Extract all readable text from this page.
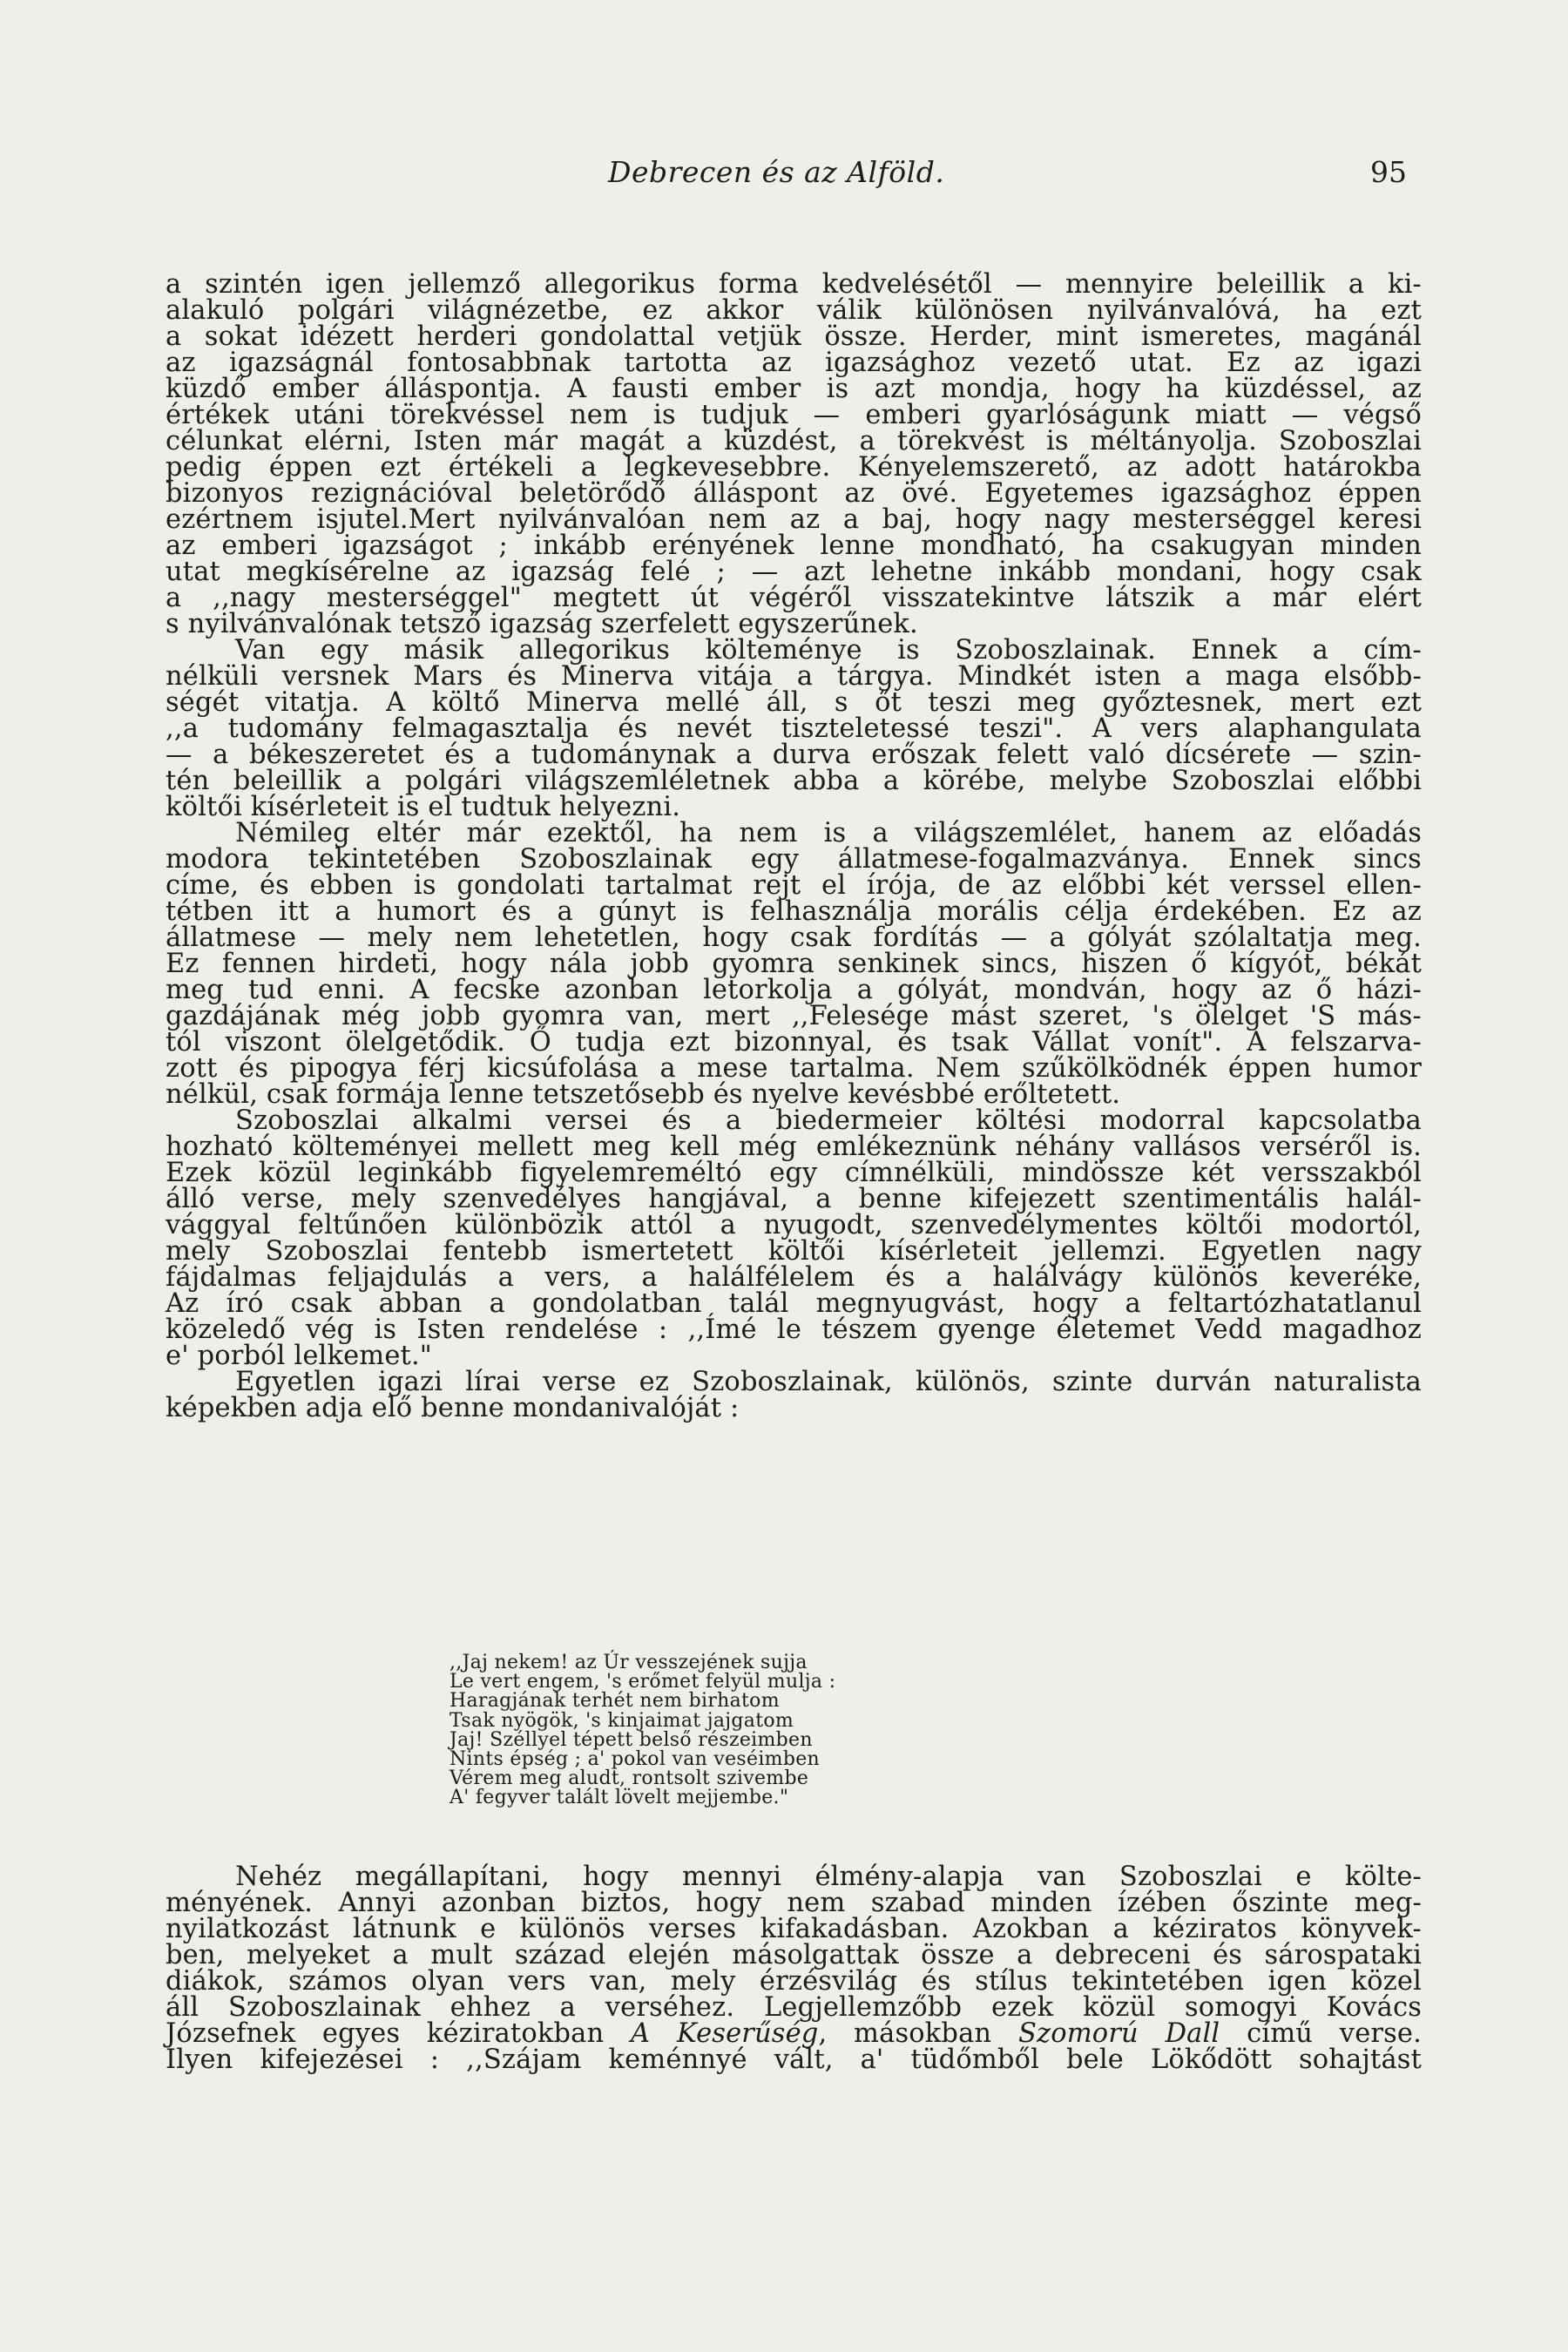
Debrecen és az Alföld.	95
a szintén igen jellemző allegorikus forma kedvelésétől — mennyire beleillik a ki-
alakuló polgári világnézetbe, ez akkor válik különösen nyilvánvalóvá, ha ezt
a sokat idézett herderi gondolattal vetjük össze. Herder, mint ismeretes, magánál
az igazságnál fontosabbnak tartotta az igazsághoz vezető utat. Ez az igazi
küzdő ember álláspontja. A fausti ember is azt mondja, hogy ha küzdéssel, az
értékek utáni törekvéssel nem is tudjuk — emberi gyarlóságunk miatt — végső
célunkat elérni, Isten már magát a küzdést, a törekvést is méltányolja. Szoboszlai
pedig éppen ezt értékeli a legkevesebbre. Kényelemszerető, az adott határokba
bizonyos rezignációval beletörődő álláspont az övé. Egyetemes igazsághoz éppen
ezértnem isjutel.Mert nyilvánvalóan nem az a baj, hogy nagy mesterséggel keresi
az emberi igazságot ; inkább erényének lenne mondható, ha csakugyan minden
utat megkísérelne az igazság felé ; — azt lehetne inkább mondani, hogy csak
a ,,nagy mesterséggel" megtett út végéről visszatekintve látszik a már elért
s nyilvánvalónak tetsző igazság szerfelett egyszerűnek.
Van egy másik allegorikus költeménye is Szoboszlainak. Ennek a cím-
nélküli versnek Mars és Minerva vitája a tárgya. Mindkét isten a maga elsőbb-
ségét vitatja. A költő Minerva mellé áll, s őt teszi meg győztesnek, mert ezt
,,a tudomány felmagasztalja és nevét tiszteletessé teszi". A vers alaphangulata
— a békeszeretet és a tudománynak a durva erőszak felett való dícsérete — szin-
tén beleillik a polgári világszemléletnek abba a körébe, melybe Szoboszlai előbbi
költői kísérleteit is el tudtuk helyezni.
Némileg eltér már ezektől, ha nem is a világszemlélet, hanem az előadás
modora tekintetében Szoboszlainak egy állatmese-fogalmazványa. Ennek sincs
címe, és ebben is gondolati tartalmat rejt el írója, de az előbbi két verssel ellen-
tétben itt a humort és a gúnyt is felhasználja morális célja érdekében. Ez az
állatmese — mely nem lehetetlen, hogy csak fordítás — a gólyát szólaltatja meg.
Ez fennen hirdeti, hogy nála jobb gyomra senkinek sincs, hiszen ő kígyót, békát
meg tud enni. A fecske azonban letorkolja a gólyát, mondván, hogy az ő házi-
gazdájának még jobb gyomra van, mert ,,Felesége mást szeret, 's ölelget 'S más-
tól viszont ölelgetődik. Ő tudja ezt bizonnyal, és tsak Vállat vonít". A felszarva-
zott és pipogya férj kicsúfolása a mese tartalma. Nem szűkölködnék éppen humor
nélkül, csak formája lenne tetszetősebb és nyelve kevésbbé erőltetett.
Szoboszlai alkalmi versei és a biedermeier költési modorral kapcsolatba
hozható költeményei mellett meg kell még emlékeznünk néhány vallásos verséről is.
Ezek közül leginkább figyelemreméltó egy címnélküli, mindössze két versszakból
álló verse, mely szenvedélyes hangjával, a benne kifejezett szentimentális halál-
vággyal feltűnően különbözik attól a nyugodt, szenvedélymentes költői modortól,
mely Szoboszlai fentebb ismertetett költői kísérleteit jellemzi. Egyetlen nagy
fájdalmas feljajdulás a vers, a halálfélelem és a halálvágy különös keveréke,
Az író csak abban a gondolatban talál megnyugvást, hogy a feltartózhatatlanul
közeledő vég is Isten rendelése : ,,Ímé le tészem gyenge életemet Vedd magadhoz
e' porból lelkemet."
Egyetlen igazi lírai verse ez Szoboszlainak, különös, szinte durván naturalista
képekben adja elő benne mondanivalóját :
,,Jaj nekem! az Úr vesszejének sujja
Le vert engem, 's erőmet felyül mulja :
Haragjának terhét nem birhatom
Tsak nyögök, 's kinjaimat jajgatom
Jaj! Széllyel tépett belső részeimben
Nints épség ; a' pokol van veséimben
Vérem meg aludt, rontsolt szivembe
A' fegyver talált lövelt mejjembe."
Nehéz megállapítani, hogy mennyi élmény-alapja van Szoboszlai e költe-
ményének. Annyi azonban biztos, hogy nem szabad minden ízében őszinte meg-
nyilatkozást látnunk e különös verses kifakadásban. Azokban a kéziratos könyvek-
ben, melyeket a mult század elején másolgattak össze a debreceni és sárospataki
diákok, számos olyan vers van, mely érzésvilág és stílus tekintetében igen közel
áll Szoboszlainak ehhez a verséhez. Legjellemzőbb ezek közül somogyi Kovács
Józsefnek egyes kéziratokban A Keserűség, másokban Szomorú Dall című verse.
Ilyen kifejezései : ,,Szájam keménnyé vált, a' tüdőmből bele Lökődött sohajtást
